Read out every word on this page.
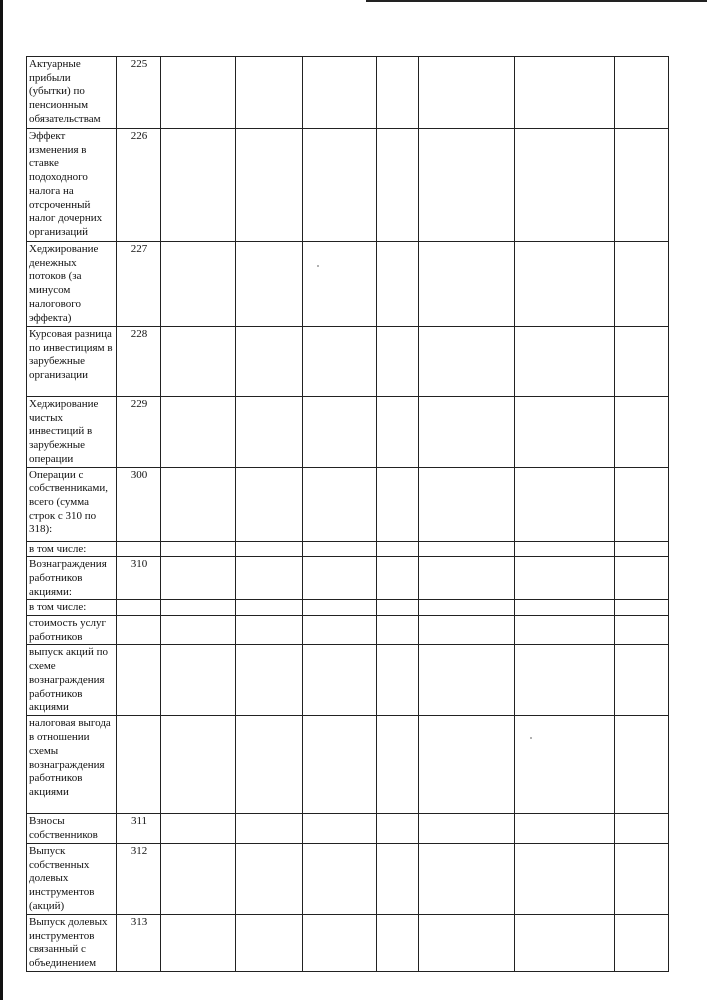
Актуарные прибыли (убытки) по пенсионным обязательствам	225							
Эффект изменения в ставке подоходного налога на отсроченный налог дочерних организаций	226							
Хеджирование денежных потоков (за минусом налогового эффекта)	227							
Курсовая разница по инвестициям в зарубежные организации	228							
Хеджирование чистых инвестиций в зарубежные операции	229							
Операции с собственниками, всего (сумма строк с 310 по 318):	300							
в том числе:								
Вознаграждения работников акциями:	310							
в том числе:								
стоимость услуг работников								
выпуск акций по схеме вознаграждения работников акциями								
налоговая выгода в отношении схемы вознаграждения работников акциями								
Взносы собственников	311							
Выпуск собственных долевых инструментов (акций)	312							
Выпуск долевых инструментов связанный с объединением	313							
